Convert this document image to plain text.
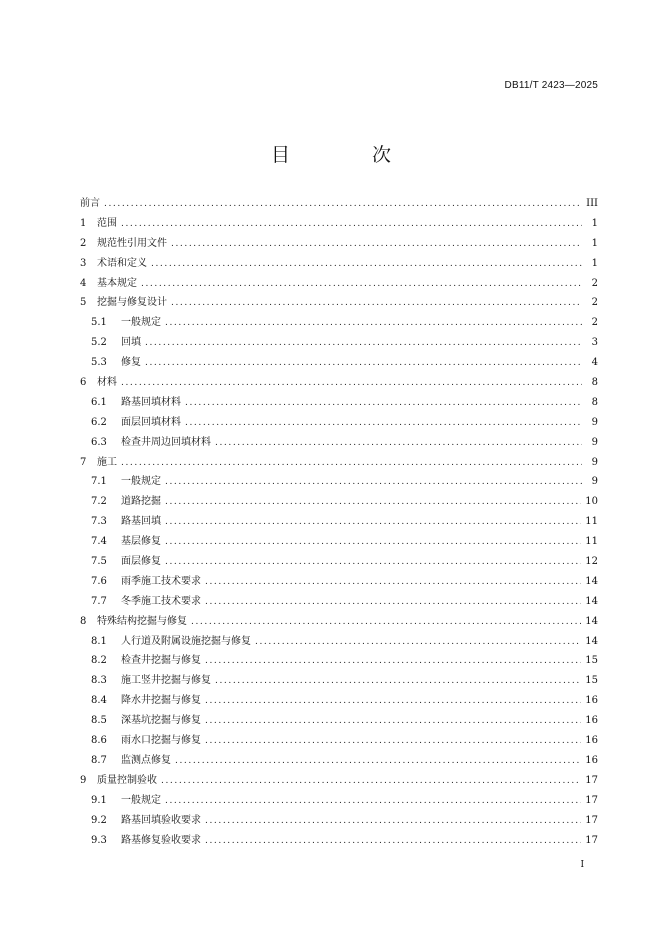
DB11/T 2423—2025
目 次
前言 .....	III
1	范围 .....	1
2	规范性引用文件 .....	1
3	术语和定义 .....	1
4	基本规定 .....	2
5	挖掘与修复设计 .....	2
5.1	一般规定 .....	2
5.2	回填 .....	3
5.3	修复 .....	4
6	材料 .....	8
6.1	路基回填材料 .....	8
6.2	面层回填材料 .....	9
6.3	检查井周边回填材料 .....	9
7	施工 .....	9
7.1	一般规定 .....	9
7.2	道路挖掘 .....	10
7.3	路基回填 .....	11
7.4	基层修复 .....	11
7.5	面层修复 .....	12
7.6	雨季施工技术要求 .....	14
7.7	冬季施工技术要求 .....	14
8	特殊结构挖掘与修复 .....	14
8.1	人行道及附属设施挖掘与修复 .....	14
8.2	检查井挖掘与修复 .....	15
8.3	施工竖井挖掘与修复 .....	15
8.4	降水井挖掘与修复 .....	16
8.5	深基坑挖掘与修复 .....	16
8.6	雨水口挖掘与修复 .....	16
8.7	监测点修复 .....	16
9	质量控制验收 .....	17
9.1	一般规定 .....	17
9.2	路基回填验收要求 .....	17
9.3	路基修复验收要求 .....	17
I
